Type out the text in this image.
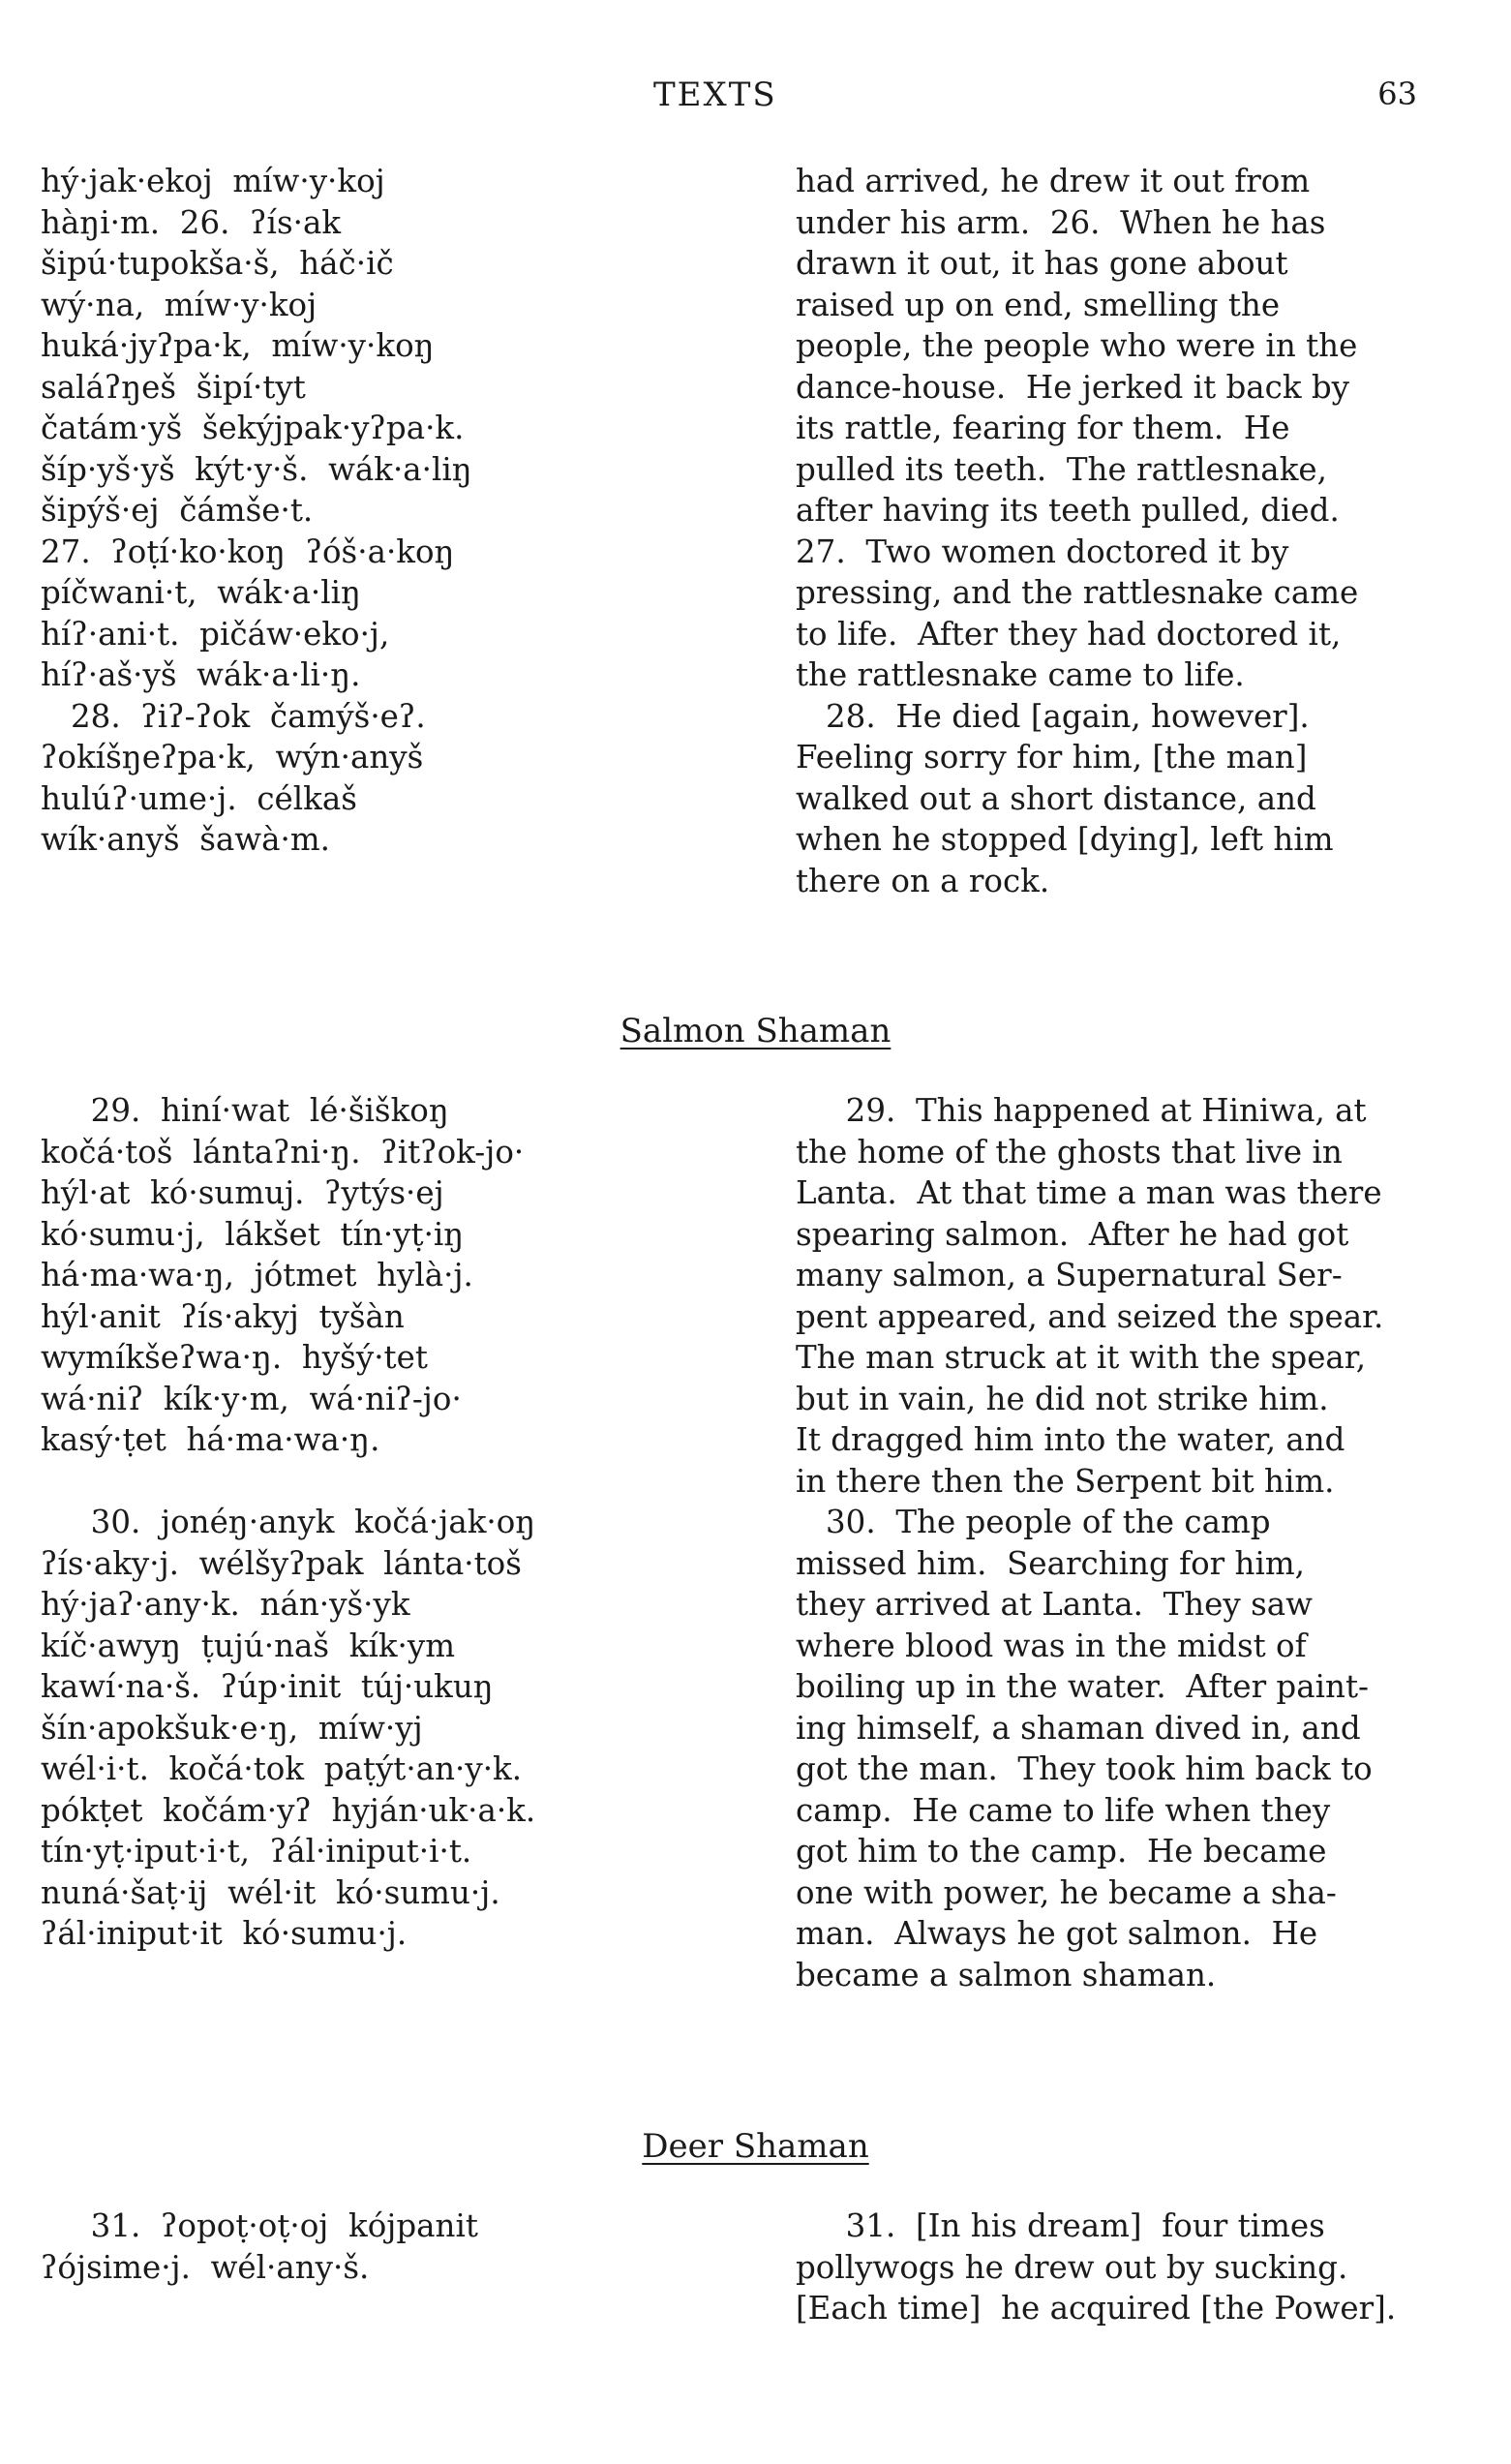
TEXTS	63
hý·jak·ekoj  míw·y·koj
hàŋi·m.  26.  ʔís·ak
šipú·tupokša·š,  háč·ič
wý·na,  míw·y·koj
huká·jyʔpa·k,  míw·y·koŋ
saláʔŋeš  šipí·tyt
čatám·yš  šekýjpak·yʔpa·k.
šíp·yš·yš  kýt·y·š.  wák·a·liŋ
šipýš·ej  čámše·t.
27.  ʔoṭí·ko·koŋ  ʔóš·a·koŋ
píčwani·t,  wák·a·liŋ
híʔ·ani·t.  pičáw·eko·j,
híʔ·aš·yš  wák·a·li·ŋ.
28.  ʔiʔ-ʔok  čamýš·eʔ.
ʔokíšŋeʔpa·k,  wýn·anyš
hulúʔ·ume·j.  célkaš
wík·anyš  šawà·m.
had arrived, he drew it out from
under his arm.  26.  When he has
drawn it out, it has gone about
raised up on end, smelling the
people, the people who were in the
dance-house.  He jerked it back by
its rattle, fearing for them.  He
pulled its teeth.  The rattlesnake,
after having its teeth pulled, died.
27.  Two women doctored it by
pressing, and the rattlesnake came
to life.  After they had doctored it,
the rattlesnake came to life.
28.  He died [again, however].
Feeling sorry for him, [the man]
walked out a short distance, and
when he stopped [dying], left him
there on a rock.
Salmon Shaman
29.  hiní·wat  lé·šiškoŋ
kočá·toš  lántaʔni·ŋ.  ʔitʔok-jo·
hýl·at  kó·sumuj.  ʔytýs·ej
kó·sumu·j,  lákšet  tín·yṭ·iŋ
há·ma·wa·ŋ,  jótmet  hylà·j.
hýl·anit  ʔís·akyj  tyšàn
wymíkšeʔwa·ŋ.  hyšý·tet
wá·niʔ  kík·y·m,  wá·niʔ-jo·
kasý·ṭet  há·ma·wa·ŋ.
30.  jonéŋ·anyk  kočá·jak·oŋ
ʔís·aky·j.  wélšyʔpak  lánta·toš
hý·jaʔ·any·k.  nán·yš·yk
kíč·awyŋ  ṭujú·naš  kík·ym
kawí·na·š.  ʔúp·init  túj·ukuŋ
šín·apokšuk·e·ŋ,  míw·yj
wél·i·t.  kočá·tok  paṭýt·an·y·k.
pókṭet  kočám·yʔ  hyján·uk·a·k.
tín·yṭ·iput·i·t,  ʔál·iniput·i·t.
nuná·šaṭ·ij  wél·it  kó·sumu·j.
ʔál·iniput·it  kó·sumu·j.
29.  This happened at Hiniwa, at
the home of the ghosts that live in
Lanta.  At that time a man was there
spearing salmon.  After he had got
many salmon, a Supernatural Ser-
pent appeared, and seized the spear.
The man struck at it with the spear,
but in vain, he did not strike him.
It dragged him into the water, and
in there then the Serpent bit him.
30.  The people of the camp
missed him.  Searching for him,
they arrived at Lanta.  They saw
where blood was in the midst of
boiling up in the water.  After paint-
ing himself, a shaman dived in, and
got the man.  They took him back to
camp.  He came to life when they
got him to the camp.  He became
one with power, he became a sha-
man.  Always he got salmon.  He
became a salmon shaman.
Deer Shaman
31.  ʔopoṭ·oṭ·oj  kójpanit
ʔójsime·j.  wél·any·š.
31.  [In his dream]  four times
pollywogs he drew out by sucking.
[Each time]  he acquired [the Power].
